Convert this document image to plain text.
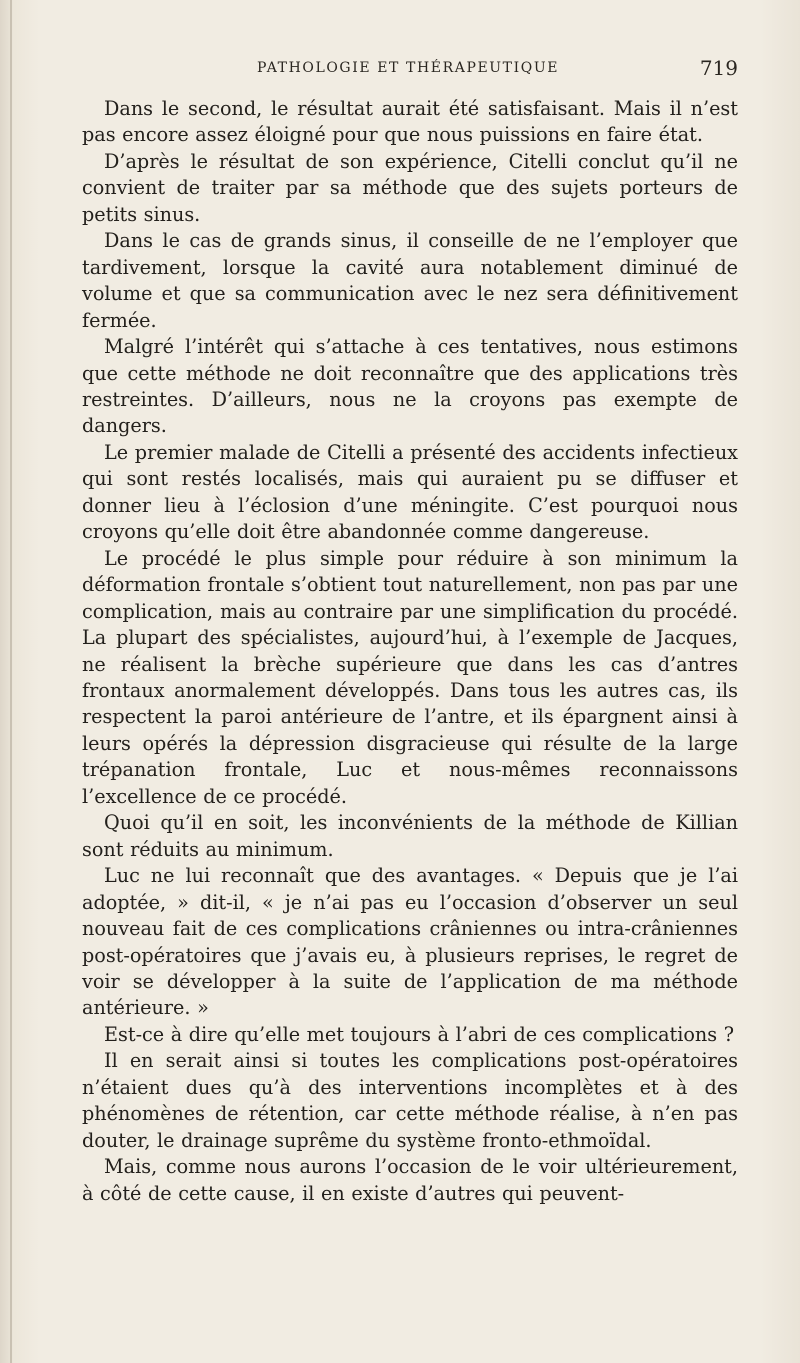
PATHOLOGIE ET THÉRAPEUTIQUE	719

Dans le second, le résultat aurait été satisfaisant. Mais il n’est pas encore assez éloigné pour que nous puissions en faire état.

D’après le résultat de son expérience, Citelli conclut qu’il ne convient de traiter par sa méthode que des sujets porteurs de petits sinus.

Dans le cas de grands sinus, il conseille de ne l’employer que tardivement, lorsque la cavité aura notablement diminué de volume et que sa communication avec le nez sera définitivement fermée.

Malgré l’intérêt qui s’attache à ces tentatives, nous estimons que cette méthode ne doit reconnaître que des applications très restreintes. D’ailleurs, nous ne la croyons pas exempte de dangers.

Le premier malade de Citelli a présenté des accidents infectieux qui sont restés localisés, mais qui auraient pu se diffuser et donner lieu à l’éclosion d’une méningite. C’est pourquoi nous croyons qu’elle doit être abandonnée comme dangereuse.

Le procédé le plus simple pour réduire à son minimum la déformation frontale s’obtient tout naturellement, non pas par une complication, mais au contraire par une simplification du procédé. La plupart des spécialistes, aujourd’hui, à l’exemple de Jacques, ne réalisent la brèche supérieure que dans les cas d’antres frontaux anormalement développés. Dans tous les autres cas, ils respectent la paroi antérieure de l’antre, et ils épargnent ainsi à leurs opérés la dépression disgracieuse qui résulte de la large trépanation frontale, Luc et nous-mêmes reconnaissons l’excellence de ce procédé.

Quoi qu’il en soit, les inconvénients de la méthode de Killian sont réduits au minimum.

Luc ne lui reconnaît que des avantages. « Depuis que je l’ai adoptée, » dit-il, « je n’ai pas eu l’occasion d’observer un seul nouveau fait de ces complications crâniennes ou intra-crâniennes post-opératoires que j’avais eu, à plusieurs reprises, le regret de voir se développer à la suite de l’application de ma méthode antérieure. »

Est-ce à dire qu’elle met toujours à l’abri de ces complications ?

Il en serait ainsi si toutes les complications post-opératoires n’étaient dues qu’à des interventions incomplètes et à des phénomènes de rétention, car cette méthode réalise, à n’en pas douter, le drainage suprême du système fronto-ethmoïdal.

Mais, comme nous aurons l’occasion de le voir ultérieurement, à côté de cette cause, il en existe d’autres qui peuvent-
